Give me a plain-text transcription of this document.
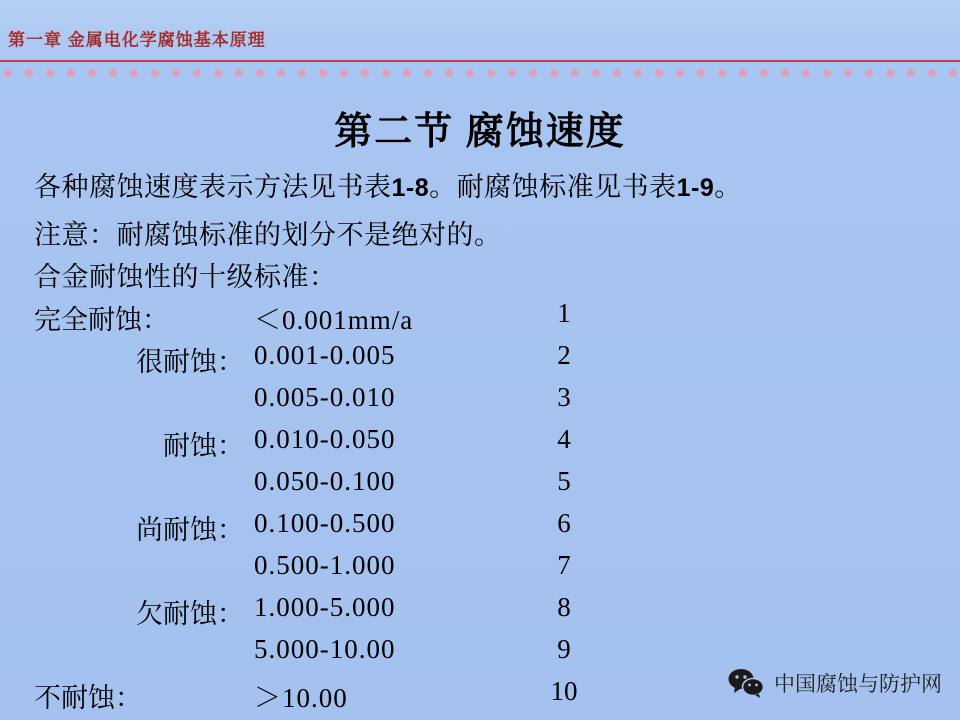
第一章 金属电化学腐蚀基本原理
第二节 腐蚀速度
各种腐蚀速度表示方法见书表1-8。耐腐蚀标准见书表1-9。
注意：耐腐蚀标准的划分不是绝对的。
合金耐蚀性的十级标准：
完全耐蚀：	＜0.001mm/a	1
很耐蚀： 0.001-0.005	2
0.005-0.010	3
耐蚀： 0.010-0.050	4
0.050-0.100	5
尚耐蚀： 0.100-0.500	6
0.500-1.000	7
欠耐蚀： 1.000-5.000	8
5.000-10.00	9
不耐蚀：	＞10.00	10	中国腐蚀与防护网
